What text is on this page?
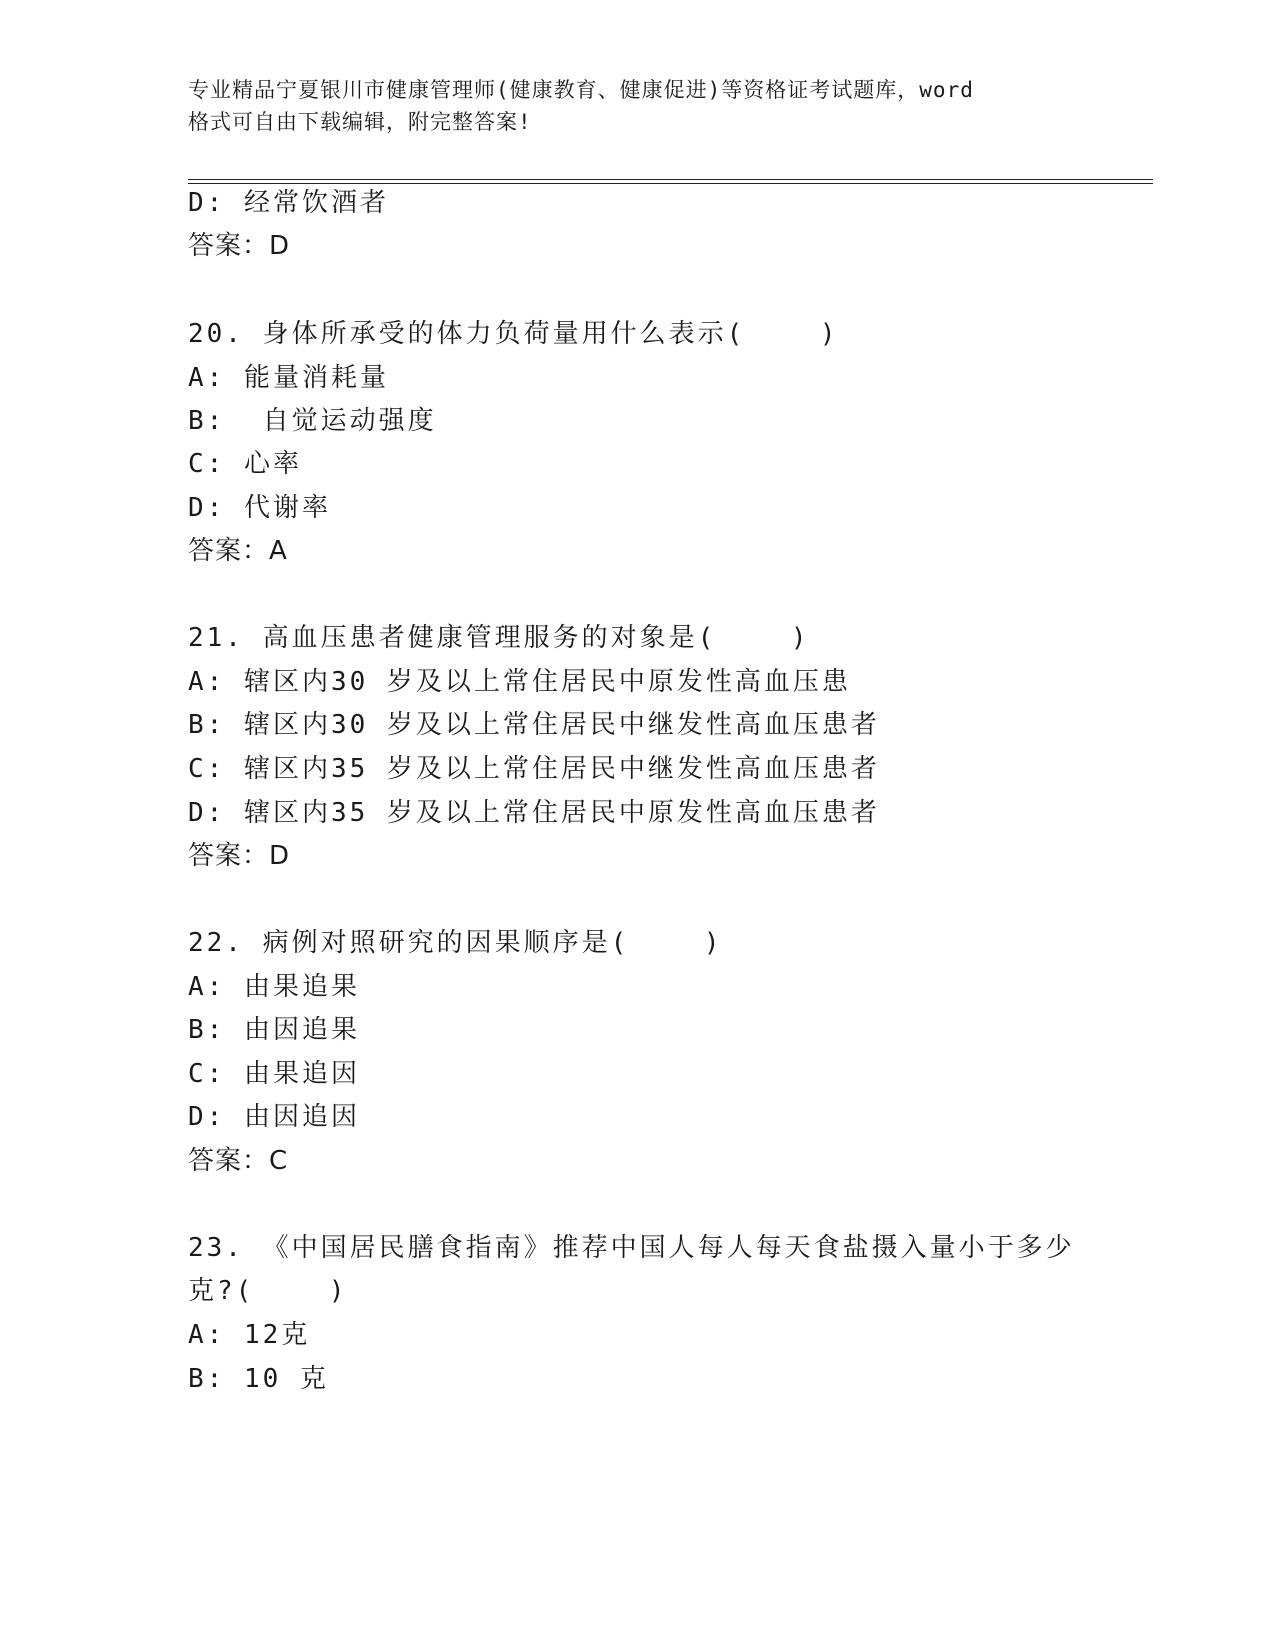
专业精品宁夏银川市健康管理师(健康教育、健康促进)等资格证考试题库，word
格式可自由下载编辑，附完整答案!
D: 经常饮酒者
答案：D
20. 身体所承受的体力负荷量用什么表示(    )
A: 能量消耗量
B:  自觉运动强度
C: 心率
D: 代谢率
答案：A
21. 高血压患者健康管理服务的对象是(    )
A: 辖区内30 岁及以上常住居民中原发性高血压患
B: 辖区内30 岁及以上常住居民中继发性高血压患者
C: 辖区内35 岁及以上常住居民中继发性高血压患者
D: 辖区内35 岁及以上常住居民中原发性高血压患者
答案：D
22. 病例对照研究的因果顺序是(    )
A: 由果追果
B: 由因追果
C: 由果追因
D: 由因追因
答案：C
23. 《中国居民膳食指南》推荐中国人每人每天食盐摄入量小于多少
克?(    )
A: 12克
B: 10 克
